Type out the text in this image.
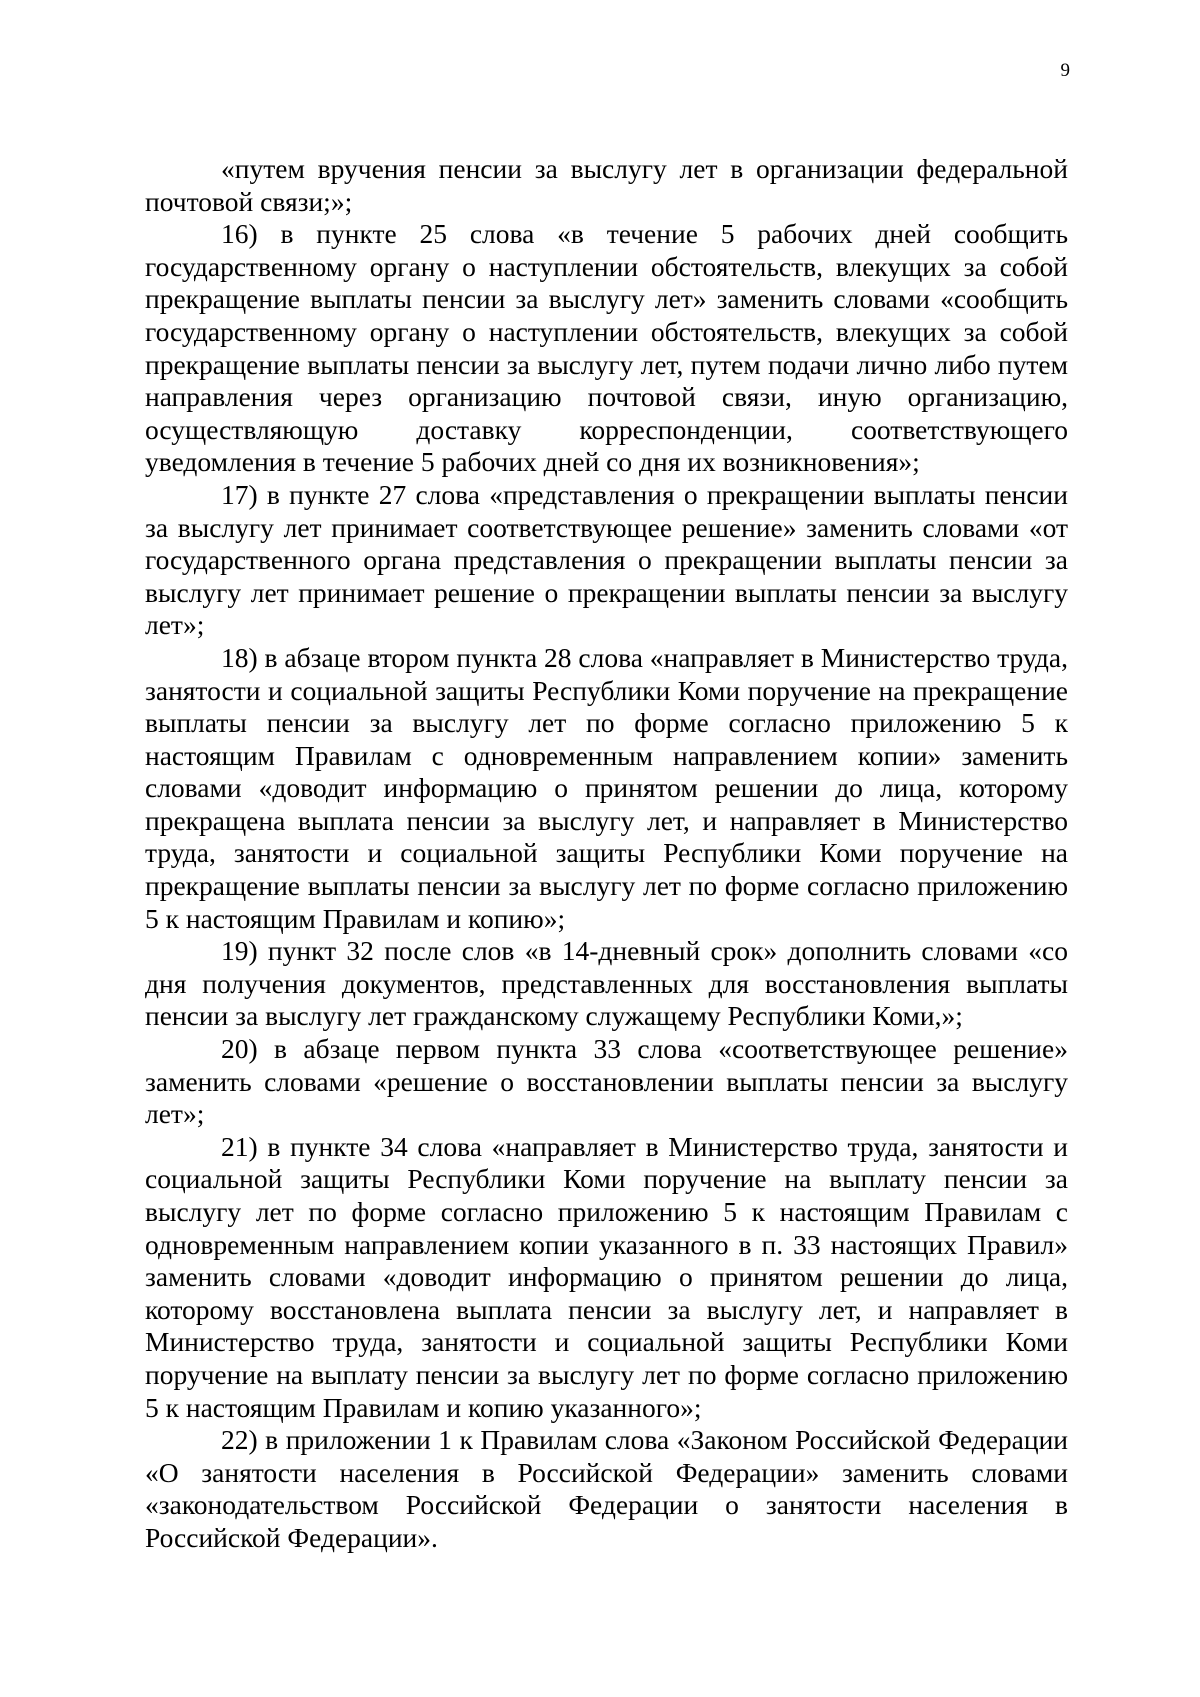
9

«путем вручения пенсии за выслугу лет в организации федеральной почтовой связи;»;

16) в пункте 25 слова «в течение 5 рабочих дней сообщить государственному органу о наступлении обстоятельств, влекущих за собой прекращение выплаты пенсии за выслугу лет» заменить словами «сообщить государственному органу о наступлении обстоятельств, влекущих за собой прекращение выплаты пенсии за выслугу лет, путем подачи лично либо путем направления через организацию почтовой связи, иную организацию, осуществляющую доставку корреспонденции, соответствующего уведомления в течение 5 рабочих дней со дня их возникновения»;

17) в пункте 27 слова «представления о прекращении выплаты пенсии за выслугу лет принимает соответствующее решение» заменить словами «от государственного органа представления о прекращении выплаты пенсии за выслугу лет принимает решение о прекращении выплаты пенсии за выслугу лет»;

18) в абзаце втором пункта 28 слова «направляет в Министерство труда, занятости и социальной защиты Республики Коми поручение на прекращение выплаты пенсии за выслугу лет по форме согласно приложению 5 к настоящим Правилам с одновременным направлением копии» заменить словами «доводит информацию о принятом решении до лица, которому прекращена выплата пенсии за выслугу лет, и направляет в Министерство труда, занятости и социальной защиты Республики Коми поручение на прекращение выплаты пенсии за выслугу лет по форме согласно приложению 5 к настоящим Правилам и копию»;

19) пункт 32 после слов «в 14-дневный срок» дополнить словами «со дня получения документов, представленных для восстановления выплаты пенсии за выслугу лет гражданскому служащему Республики Коми,»;

20) в абзаце первом пункта 33 слова «соответствующее решение» заменить словами «решение о восстановлении выплаты пенсии за выслугу лет»;

21) в пункте 34 слова «направляет в Министерство труда, занятости и социальной защиты Республики Коми поручение на выплату пенсии за выслугу лет по форме согласно приложению 5 к настоящим Правилам с одновременным направлением копии указанного в п. 33 настоящих Правил» заменить словами «доводит информацию о принятом решении до лица, которому восстановлена выплата пенсии за выслугу лет, и направляет в Министерство труда, занятости и социальной защиты Республики Коми поручение на выплату пенсии за выслугу лет по форме согласно приложению 5 к настоящим Правилам и копию указанного»;

22) в приложении 1 к Правилам слова «Законом Российской Федерации «О занятости населения в Российской Федерации» заменить словами «законодательством Российской Федерации о занятости населения в Российской Федерации».
